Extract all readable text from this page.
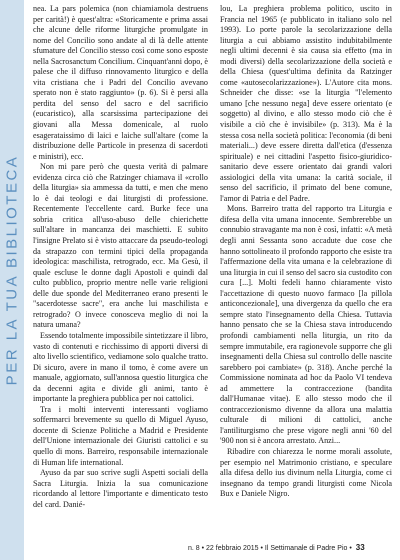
PER LA TUA BIBLIOTECA

nea. La pars polemica (non chiamiamola destruens per carità!) è quest'altra: «Storicamente e prima assai che alcune delle riforme liturgiche promulgate in nome del Concilio sono andate al di là delle attente sfumature del Concilio stesso così come sono esposte nella Sacrosanctum Concilium. Cinquant'anni dopo, è palese che il diffuso rinnovamento liturgico e della vita cristiana che i Padri del Concilio avevano sperato non è stato raggiunto» (p. 6). Si è persi alla perdita del senso del sacro e del sacrificio (eucaristico), alla scarsissima partecipazione dei giovani alla Messa domenicale, al ruolo esagerataissimo di laici e laiche sull'altare (come la distribuzione delle Particole in presenza di sacerdoti e ministri), ecc.

Non mi pare però che questa verità di palmare evidenza circa ciò che Ratzinger chiamava il «crollo della liturgia» sia ammessa da tutti, e men che meno lo è dai teologi e dai liturgisti di professione. Recentemente l'eccellente card. Burke fece una sobria critica all'uso-abuso delle chierichette sull'altare in mancanza dei maschietti. E subito l'insigne Prelato si è visto attaccare da pseudo-teologi da strapazzo con termini tipici della propaganda ideologica: maschilista, retrogrado, ecc. Ma Gesù, il quale escluse le donne dagli Apostoli e quindi dal culto pubblico, proprio mentre nelle varie religioni delle due sponde del Mediterraneo erano presenti le "sacerdotesse sacre", era anche lui maschilista e retrogrado? O invece conosceva meglio di noi la natura umana?

Essendo totalmente impossibile sintetizzare il libro, vasto di contenuti e ricchissimo di apporti diversi di alto livello scientifico, vediamone solo qualche tratto. Di sicuro, avere in mano il tomo, è come avere un manuale, aggiornato, sull'annosa questio liturgica che da decenni agita e divide gli animi, tanto è importante la preghiera pubblica per noi cattolici.

Tra i molti interventi interessanti vogliamo soffermarci brevemente su quello di Miguel Ayuso, docente di Scienze Politiche a Madrid e Presidente dell'Unione internazionale dei Giuristi cattolici e su quello di mons. Barreiro, responsabile internazionale di Human life international.

Ayuso da par suo scrive sugli Aspetti sociali della Sacra Liturgia. Inizia la sua comunicazione ricordando al lettore l'importante e dimenticato testo del card. Danié-

lou, La preghiera problema politico, uscito in Francia nel 1965 (e pubblicato in italiano solo nel 1993). Lo porte parole la secolarizzazione della liturgia a cui abbiamo assistito indubitabilmente negli ultimi decenni è sia causa sia effetto (ma in modi diversi) della secolarizzazione della società e della Chiesa (quest'ultima definita da Ratzinger come «autosecolarizzazione»). L'Autore cita mons. Schneider che disse: «se la liturgia "l'elemento umano [che nessuno nega] deve essere orientato (e soggetto) al divino, e allo stesso modo ciò che è visibile a ciò che è invisibile» (p. 313). Ma è la stessa cosa nella società politica: l'economia (di beni materiali...) deve essere diretta dall'etica (d'essenza spirituale) e nei cittadini l'aspetto fisico-giuridico-sanitario deve essere orientato dai grandi valori assiologici della vita umana: la carità sociale, il senso del sacrificio, il primato del bene comune, l'amor di Patria e del Padre.

Mons. Barreiro tratta del rapporto tra Liturgia e difesa della vita umana innocente. Sembrerebbe un connubio stravagante ma non è così, infatti: «A metà degli anni Sessanta sono accadute due cose che hanno sottolineato il profondo rapporto che esiste tra l'affermazione della vita umana e la celebrazione di una liturgia in cui il senso del sacro sia custodito con cura [...]. Molti fedeli hanno chiaramente visto l'accettazione di questo nuovo farmaco [la pillola anticoncezionale], una divergenza da quello che era sempre stato l'insegnamento della Chiesa. Tuttavia hanno pensato che se la Chiesa stava introducendo profondi cambiamenti nella liturgia, un rito da sempre immutabile, era ragionevole supporre che gli insegnamenti della Chiesa sul controllo delle nascite sarebbero poi cambiate» (p. 318). Anche perché la Commissione nominata ad hoc da Paolo VI tendeva ad ammettere la contraccezione (bandita dall'Humanae vitae). E allo stesso modo che il contraccezionismo divenne da allora una malattia culturale di milioni di cattolici, anche l'antiliturgismo che prese vigore negli anni '60 del '900 non si è ancora arrestato. Anzi...

Ribadire con chiarezza le norme morali assolute, per esempio nel Matrimonio cristiano, e speculare alla difesa dello ius divinum nella Liturgia, come ci insegnano da tempo grandi liturgisti come Nicola Bux e Daniele Nigro.

n. 8 • 22 febbraio 2015 • Il Settimanale di Padre Pio • 33
